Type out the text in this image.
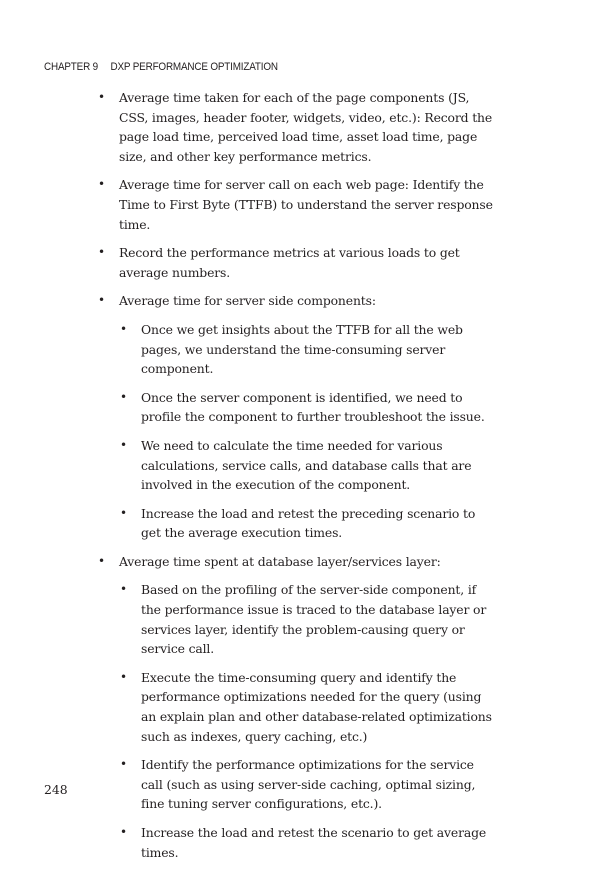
CHAPTER 9 DXP PERFORMANCE OPTIMIZATION
• Average time taken for each of the page components (JS, CSS, images, header footer, widgets, video, etc.): Record the page load time, perceived load time, asset load time, page size, and other key performance metrics.
• Average time for server call on each web page: Identify the Time to First Byte (TTFB) to understand the server response time.
• Record the performance metrics at various loads to get average numbers.
• Average time for server side components:
• Once we get insights about the TTFB for all the web pages, we understand the time-consuming server component.
• Once the server component is identified, we need to profile the component to further troubleshoot the issue.
• We need to calculate the time needed for various calculations, service calls, and database calls that are involved in the execution of the component.
• Increase the load and retest the preceding scenario to get the average execution times.
• Average time spent at database layer/services layer:
• Based on the profiling of the server-side component, if the performance issue is traced to the database layer or services layer, identify the problem-causing query or service call.
• Execute the time-consuming query and identify the performance optimizations needed for the query (using an explain plan and other database-related optimizations such as indexes, query caching, etc.)
• Identify the performance optimizations for the service call (such as using server-side caching, optimal sizing, fine tuning server configurations, etc.).
• Increase the load and retest the scenario to get average times.
248
